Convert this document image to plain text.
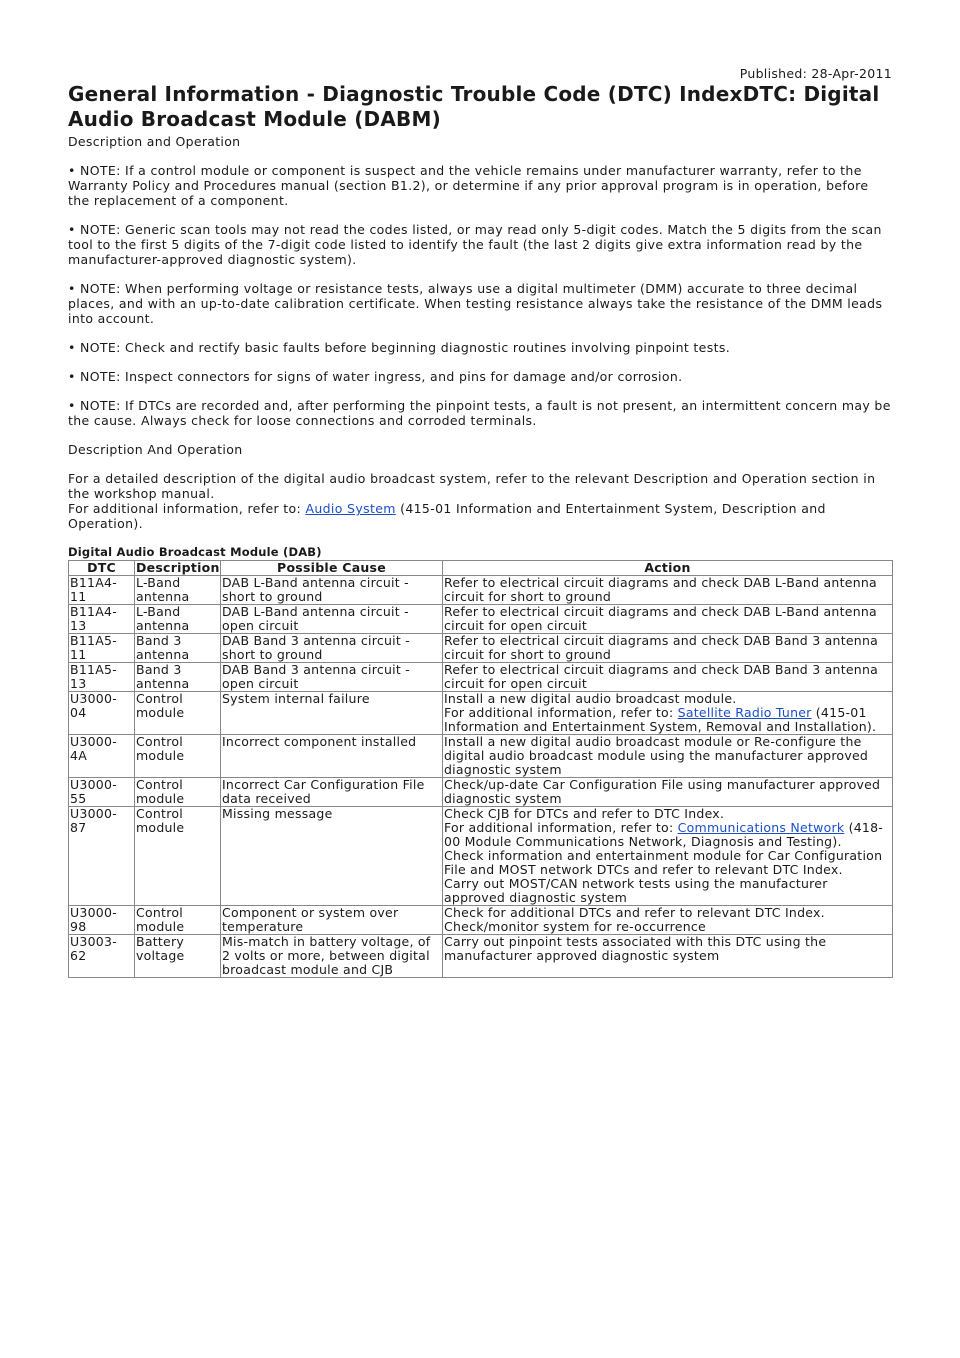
Published: 28-Apr-2011
General Information - Diagnostic Trouble Code (DTC) IndexDTC: Digital Audio Broadcast Module (DABM)
Description and Operation

• NOTE: If a control module or component is suspect and the vehicle remains under manufacturer warranty, refer to the Warranty Policy and Procedures manual (section B1.2), or determine if any prior approval program is in operation, before the replacement of a component.

• NOTE: Generic scan tools may not read the codes listed, or may read only 5-digit codes. Match the 5 digits from the scan tool to the first 5 digits of the 7-digit code listed to identify the fault (the last 2 digits give extra information read by the manufacturer-approved diagnostic system).

• NOTE: When performing voltage or resistance tests, always use a digital multimeter (DMM) accurate to three decimal places, and with an up-to-date calibration certificate. When testing resistance always take the resistance of the DMM leads into account.

• NOTE: Check and rectify basic faults before beginning diagnostic routines involving pinpoint tests.

• NOTE: Inspect connectors for signs of water ingress, and pins for damage and/or corrosion.

• NOTE: If DTCs are recorded and, after performing the pinpoint tests, a fault is not present, an intermittent concern may be the cause. Always check for loose connections and corroded terminals.

Description And Operation

For a detailed description of the digital audio broadcast system, refer to the relevant Description and Operation section in the workshop manual.
For additional information, refer to: Audio System (415-01 Information and Entertainment System, Description and Operation).

Digital Audio Broadcast Module (DAB)
DTC	Description	Possible Cause	Action
B11A4-11	L-Band antenna	DAB L-Band antenna circuit - short to ground	Refer to electrical circuit diagrams and check DAB L-Band antenna circuit for short to ground
B11A4-13	L-Band antenna	DAB L-Band antenna circuit - open circuit	Refer to electrical circuit diagrams and check DAB L-Band antenna circuit for open circuit
B11A5-11	Band 3 antenna	DAB Band 3 antenna circuit - short to ground	Refer to electrical circuit diagrams and check DAB Band 3 antenna circuit for short to ground
B11A5-13	Band 3 antenna	DAB Band 3 antenna circuit - open circuit	Refer to electrical circuit diagrams and check DAB Band 3 antenna circuit for open circuit
U3000-04	Control module	System internal failure	Install a new digital audio broadcast module.
For additional information, refer to: Satellite Radio Tuner (415-01 Information and Entertainment System, Removal and Installation).
U3000-4A	Control module	Incorrect component installed	Install a new digital audio broadcast module or Re-configure the digital audio broadcast module using the manufacturer approved diagnostic system
U3000-55	Control module	Incorrect Car Configuration File data received	Check/up-date Car Configuration File using manufacturer approved diagnostic system
U3000-87	Control module	Missing message	Check CJB for DTCs and refer to DTC Index.
For additional information, refer to: Communications Network (418-00 Module Communications Network, Diagnosis and Testing).
Check information and entertainment module for Car Configuration File and MOST network DTCs and refer to relevant DTC Index.
Carry out MOST/CAN network tests using the manufacturer approved diagnostic system

U3000-98	Control module	Component or system over temperature	Check for additional DTCs and refer to relevant DTC Index.
Check/monitor system for re-occurrence

U3003-62	Battery voltage	Mis-match in battery voltage, of 2 volts or more, between digital broadcast module and CJB	Carry out pinpoint tests associated with this DTC using the manufacturer approved diagnostic system
